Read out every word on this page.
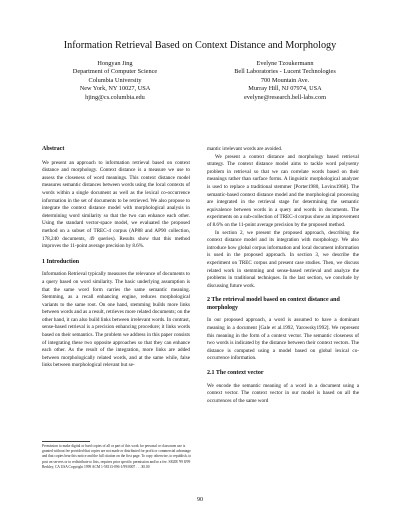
Information Retrieval Based on Context Distance and Morphology
Hongyan Jing
Department of Computer Science
Columbia University
New York, NY 10027, USA
hjing@cs.columbia.edu
Evelyne Tzoukermann
Bell Laboratories - Lucent Technologies
700 Mountain Ave.
Murray Hill, NJ 07974, USA
evelyne@research.bell-labs.com
Abstract

We present an approach to information retrieval based on context distance and morphology. Context distance is a measure we use to assess the closeness of word meanings. This context distance model measures semantic distances between words using the local contexts of words within a single document as well as the lexical co-occurrence information in the set of documents to be retrieved. We also propose to integrate the context distance model with morphological analysis in determining word similarity so that the two can enhance each other. Using the standard vector-space model, we evaluated the proposed method on a subset of TREC-4 corpus (AP88 and AP90 collection, 178,240 documents, 49 queries). Results show that this method improves the 11-point average precision by 8.6%.

1 Introduction

Information Retrieval typically measures the relevance of documents to a query based on word similarity. The basic underlying assumption is that the same word form carries the same semantic meaning. Stemming, as a recall enhancing engine, reduces morphological variants to the same root. On one hand, stemming builds more links between words and as a result, retrieves more related documents; on the other hand, it can also build links between irrelevant words. In contrast, sense-based retrieval is a precision enhancing procedure; it links words based on their semantics. The problem we address in this paper consists of integrating these two opposite approaches so that they can enhance each other. As the result of the integration, more links are added between morphologically related words, and at the same while, false links between morphological relevant but se-

Permission to make digital or hard copies of all or part of this work for personal or classroom use is granted without fee provided that copies are not made or distributed for profit or commercial advantage and that copies bear this notice and the full citation on the first page. To copy otherwise, to republish, to post on servers or to redistribute to lists, requires prior specific permission and/or a fee. SIGIR '99 8/99 Berkley, CA USA Copyright 1999 ACM 1-58113-096-1/99/0007 . . . $5.00

mantic irrelevant words are avoided.

We present a context distance and morphology based retrieval strategy. The context distance model aims to tackle word polysemy problem in retrieval so that we can correlate words based on their meanings rather than surface forms. A linguistic morphological analyzer is used to replace a traditional stemmer [Porter1980, Lovins1968]. The semantic-based context distance model and the morphological processing are integrated in the retrieval stage for determining the semantic equivalence between words in a query and words in documents. The experiments on a sub-collection of TREC-4 corpus show an improvement of 8.6% on the 11-point average precision by the proposed method.

In section 2, we present the proposed approach, describing the context distance model and its integration with morphology. We also introduce how global corpus information and local document information is used in the proposed approach. In section 3, we describe the experiment on TREC corpus and present case studies. Then, we discuss related work in stemming and sense-based retrieval and analyze the problems in traditional techniques. In the last section, we conclude by discussing future work.

2 The retrieval model based on context distance and morphology

In our proposed approach, a word is assumed to have a dominant meaning in a document [Gale et al.1992, Yarowsky1992]. We represent this meaning in the form of a context vector. The semantic closeness of two words is indicated by the distance between their context vectors. The distance is computed using a model based on global lexical co-occurrence information.

2.1 The context vector

We encode the semantic meaning of a word in a document using a context vector. The context vector in our model is based on all the occurrences of the same word

90
